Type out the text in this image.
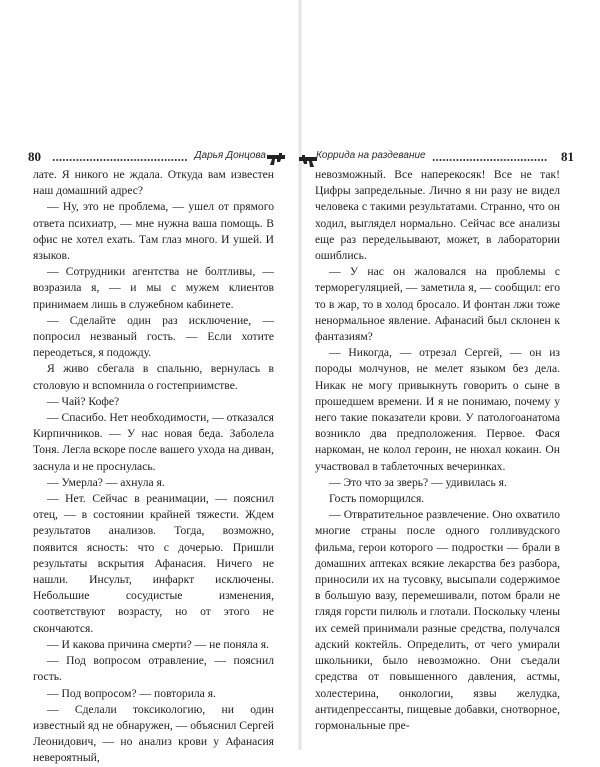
80	Дарья Донцова

лате. Я никого не ждала. Откуда вам известен наш домашний адрес?

— Ну, это не проблема, — ушел от прямого ответа психиатр, — мне нужна ваша помощь. В офис не хотел ехать. Там глаз много. И ушей. И языков.

— Сотрудники агентства не болтливы, — возразила я, — и мы с мужем клиентов принимаем лишь в служебном кабинете.

— Сделайте один раз исключение, — попросил незваный гость. — Если хотите переодеться, я подожду.

Я живо сбегала в спальню, вернулась в столовую и вспомнила о гостеприимстве.

— Чай? Кофе?

— Спасибо. Нет необходимости, — отказался Кирпичников. — У нас новая беда. Заболела Тоня. Легла вскоре после вашего ухода на диван, заснула и не проснулась.

— Умерла? — ахнула я.

— Нет. Сейчас в реанимации, — пояснил отец, — в состоянии крайней тяжести. Ждем результатов анализов. Тогда, возможно, появится ясность: что с дочерью. Пришли результаты вскрытия Афанасия. Ничего не нашли. Инсульт, инфаркт исключены. Небольшие сосудистые изменения, соответствуют возрасту, но от этого не скончаются.

— И какова причина смерти? — не поняла я.

— Под вопросом отравление, — пояснил гость.

— Под вопросом? — повторила я.

— Сделали токсикологию, ни один известный яд не обнаружен, — объяснил Сергей Леонидович, — но анализ крови у Афанасия невероятный,

Коррида на раздевание	81

невозможный. Все наперекосяк! Все не так! Цифры запредельные. Лично я ни разу не видел человека с такими результатами. Странно, что он ходил, выглядел нормально. Сейчас все анализы еще раз передельывают, может, в лаборатории ошиблись.

— У нас он жаловался на проблемы с терморегуляцией, — заметила я, — сообщил: его то в жар, то в холод бросало. И фонтан лжи тоже ненормальное явление. Афанасий был склонен к фантазиям?

— Никогда, — отрезал Сергей, — он из породы молчунов, не мелет языком без дела. Никак не могу привыкнуть говорить о сыне в прошедшем времени. И я не понимаю, почему у него такие показатели крови. У патологоанатома возникло два предположения. Первое. Фася наркоман, не колол героин, не нюхал кокаин. Он участвовал в таблеточных вечеринках.

— Это что за зверь? — удивилась я.

Гость поморщился.

— Отвратительное развлечение. Оно охватило многие страны после одного голливудского фильма, герои которого — подростки — брали в домашних аптеках всякие лекарства без разбора, приносили их на тусовку, высыпали содержимое в большую вазу, перемешивали, потом брали не глядя горсти пилюль и глотали. Поскольку члены их семей принимали разные средства, получался адский коктейль. Определить, от чего умирали школьники, было невозможно. Они съедали средства от повышенного давления, астмы, холестерина, онкологии, язвы желудка, антидепрессанты, пищевые добавки, снотворное, гормональные пре-
